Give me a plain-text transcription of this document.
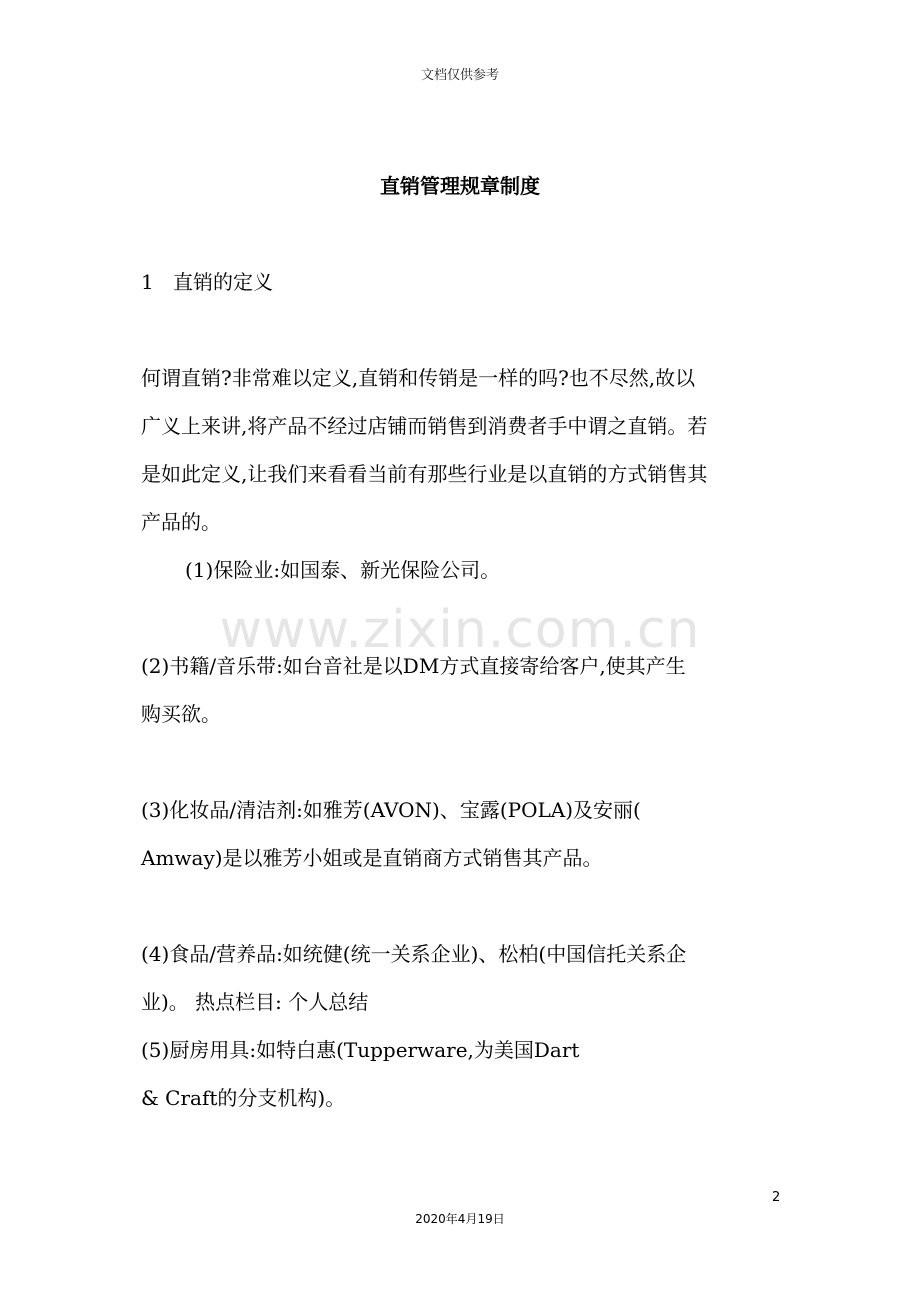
文档仅供参考
直销管理规章制度
1 直销的定义
何谓直销?非常难以定义,直销和传销是一样的吗?也不尽然,故以
广义上来讲,将产品不经过店铺而销售到消费者手中谓之直销。若
是如此定义,让我们来看看当前有那些行业是以直销的方式销售其
产品的。
(1)保险业:如国泰、新光保险公司。
www.zixin.com.cn
(2)书籍/音乐带:如台音社是以DM方式直接寄给客户,使其产生
购买欲。
(3)化妆品/清洁剂:如雅芳(AVON)、宝露(POLA)及安丽(
Amway)是以雅芳小姐或是直销商方式销售其产品。
(4)食品/营养品:如统健(统一关系企业)、松柏(中国信托关系企
业)。 热点栏目: 个人总结
(5)厨房用具:如特白惠(Tupperware,为美国Dart
& Craft的分支机构)。
2
2020年4月19日
